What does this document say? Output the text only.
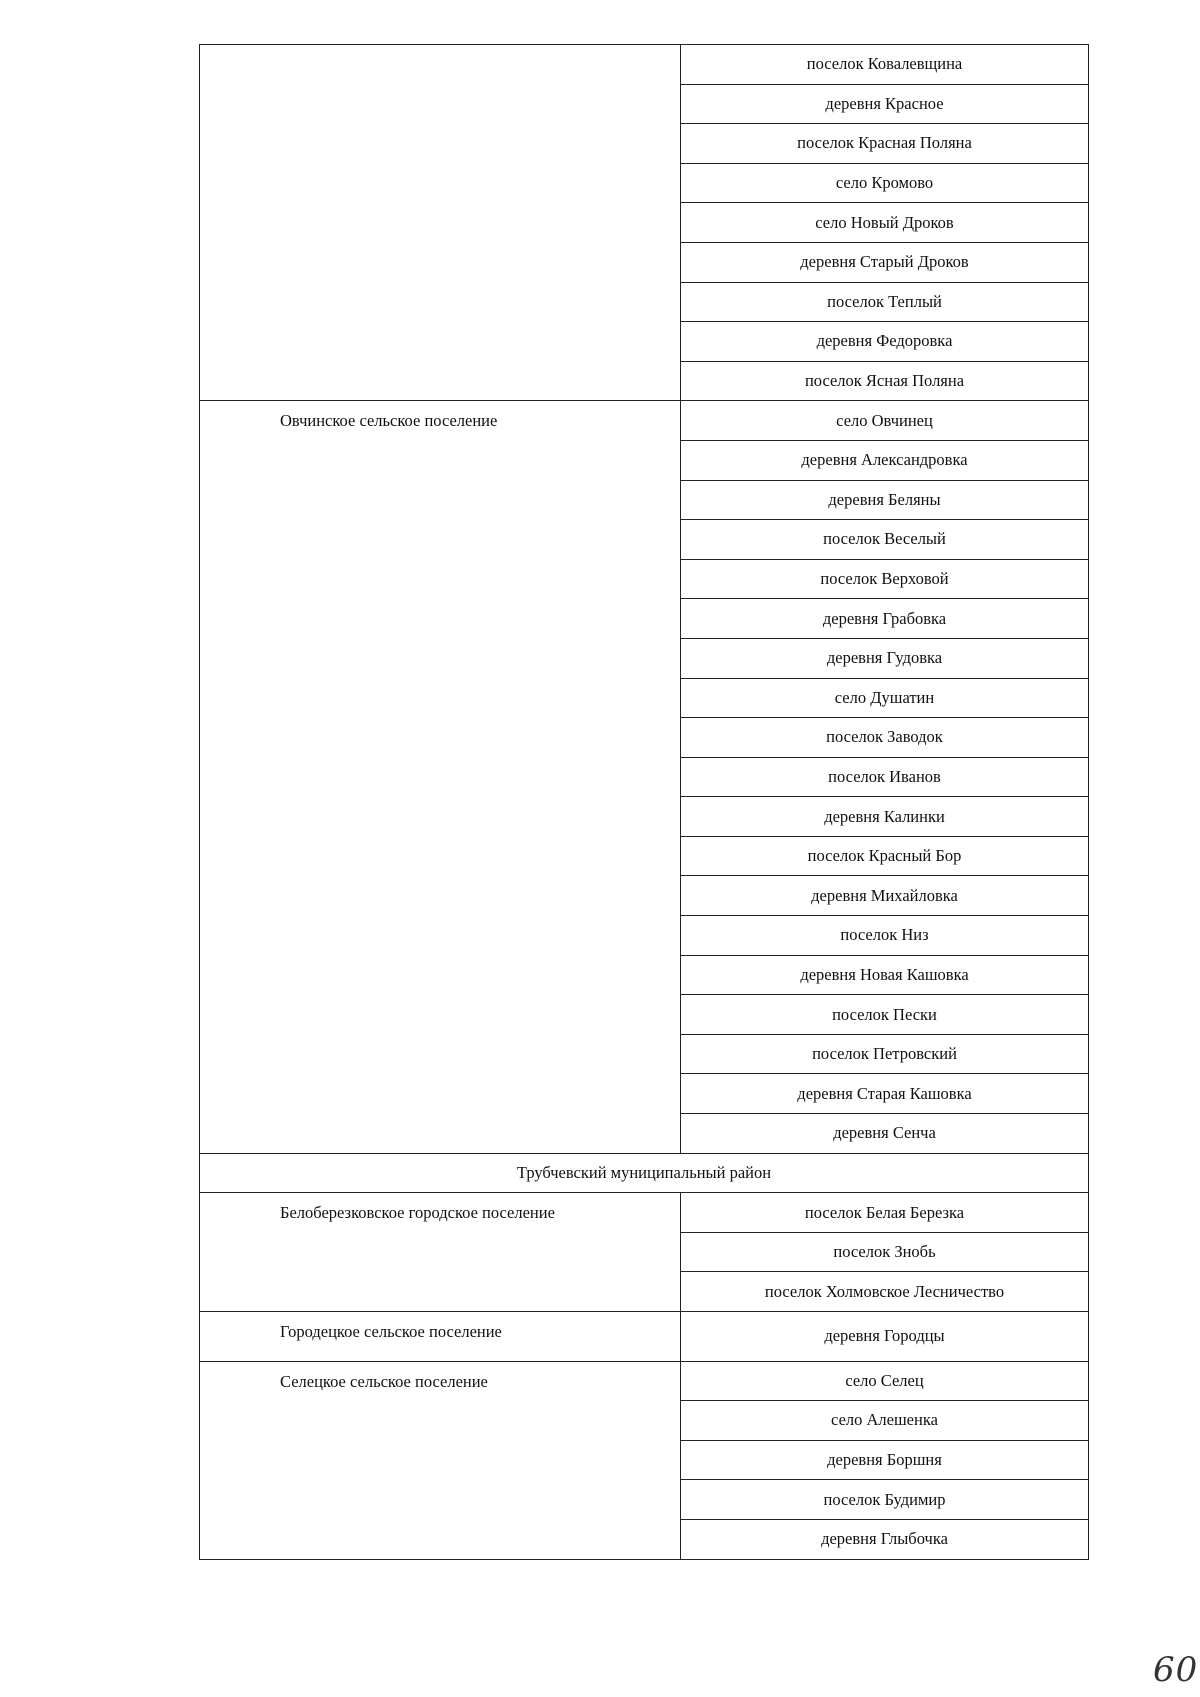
	поселок Ковалевщина
	деревня Красное
	поселок Красная Поляна
	село Кромово
	село Новый Дроков
	деревня Старый Дроков
	поселок Теплый
	деревня Федоровка
	поселок Ясная Поляна
Овчинское сельское поселение	село Овчинец
	деревня Александровка
	деревня Беляны
	поселок Веселый
	поселок Верховой
	деревня Грабовка
	деревня Гудовка
	село Душатин
	поселок Заводок
	поселок Иванов
	деревня Калинки
	поселок Красный Бор
	деревня Михайловка
	поселок Низ
	деревня Новая Кашовка
	поселок Пески
	поселок Петровский
	деревня Старая Кашовка
	деревня Сенча
Трубчевский муниципальный район	
Белоберезковское городское поселение	поселок Белая Березка
	поселок Знобь
	поселок Холмовское Лесничество
Городецкое сельское поселение	деревня Городцы
Селецкое сельское поселение	село Селец
	село Алешенка
	деревня Боршня
	поселок Будимир
	деревня Глыбочка
60
